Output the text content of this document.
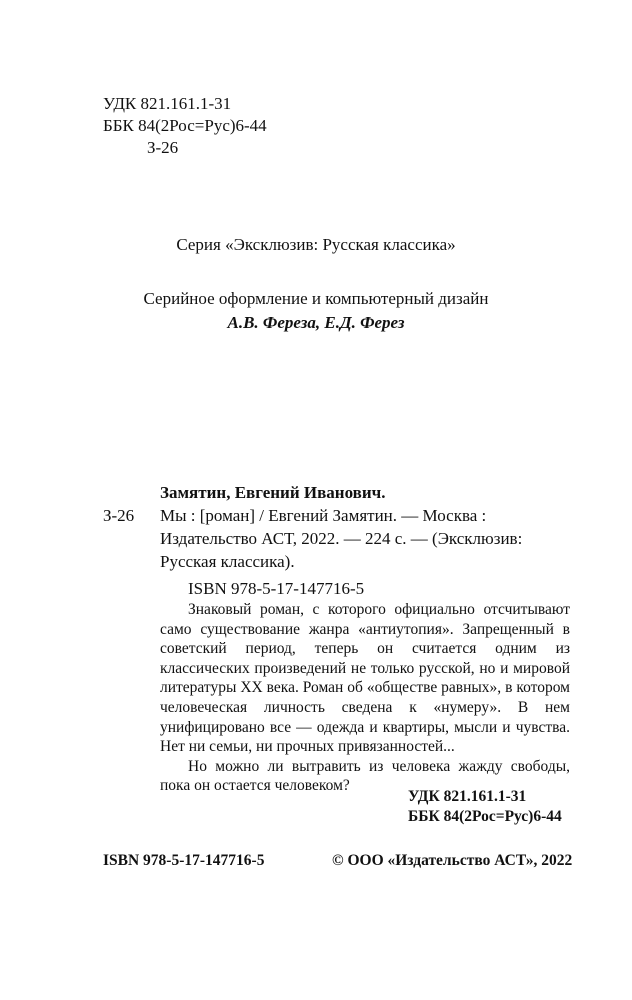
УДК 821.161.1-31
ББК 84(2Рос=Рус)6-44
З-26
Серия «Эксклюзив: Русская классика»
Серийное оформление и компьютерный дизайн
А.В. Фереза, Е.Д. Ферез
Замятин, Евгений Иванович.
З-26 Мы : [роман] / Евгений Замятин. — Москва :
Издательство АСТ, 2022. — 224 с. — (Эксклюзив:
Русская классика).
ISBN 978-5-17-147716-5

Знаковый роман, с которого официально отсчитывают само существование жанра «антиутопия». Запрещенный в советский период, теперь он считается одним из классических произведений не только русской, но и мировой литературы XX века. Роман об «обществе равных», в котором человеческая личность сведена к «нумеру». В нем унифицировано все — одежда и квартиры, мысли и чувства. Нет ни семьи, ни прочных привязанностей...

Но можно ли вытравить из человека жажду свободы, пока он остается человеком?

УДК 821.161.1-31
ББК 84(2Рос=Рус)6-44
ISBN 978-5-17-147716-5	© ООО «Издательство АСТ», 2022
